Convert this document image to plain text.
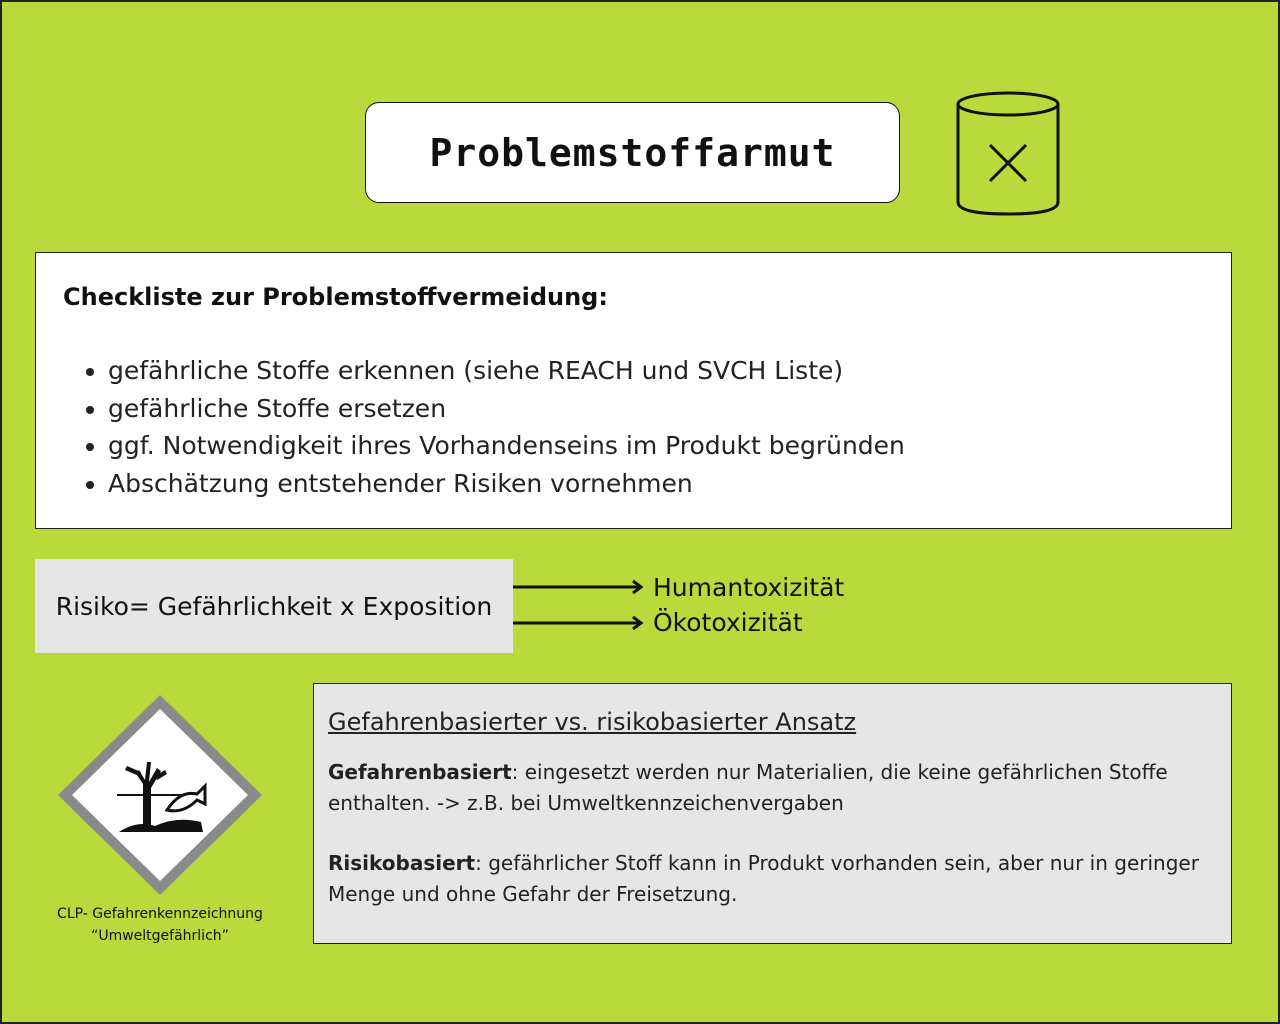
Problemstoffarmut
Checkliste zur Problemstoffvermeidung:
• gefährliche Stoffe erkennen (siehe REACH und SVCH Liste)
• gefährliche Stoffe ersetzen
• ggf. Notwendigkeit ihres Vorhandenseins im Produkt begründen
• Abschätzung entstehender Risiken vornehmen
Risiko= Gefährlichkeit x Exposition
Humantoxizität
Ökotoxizität
CLP- Gefahrenkennzeichnung
“Umweltgefährlich”
Gefahrenbasierter vs. risikobasierter Ansatz
Gefahrenbasiert: eingesetzt werden nur Materialien, die keine gefährlichen Stoffe enthalten. -> z.B. bei Umweltkennzeichenvergaben
Risikobasiert: gefährlicher Stoff kann in Produkt vorhanden sein, aber nur in geringer Menge und ohne Gefahr der Freisetzung.
